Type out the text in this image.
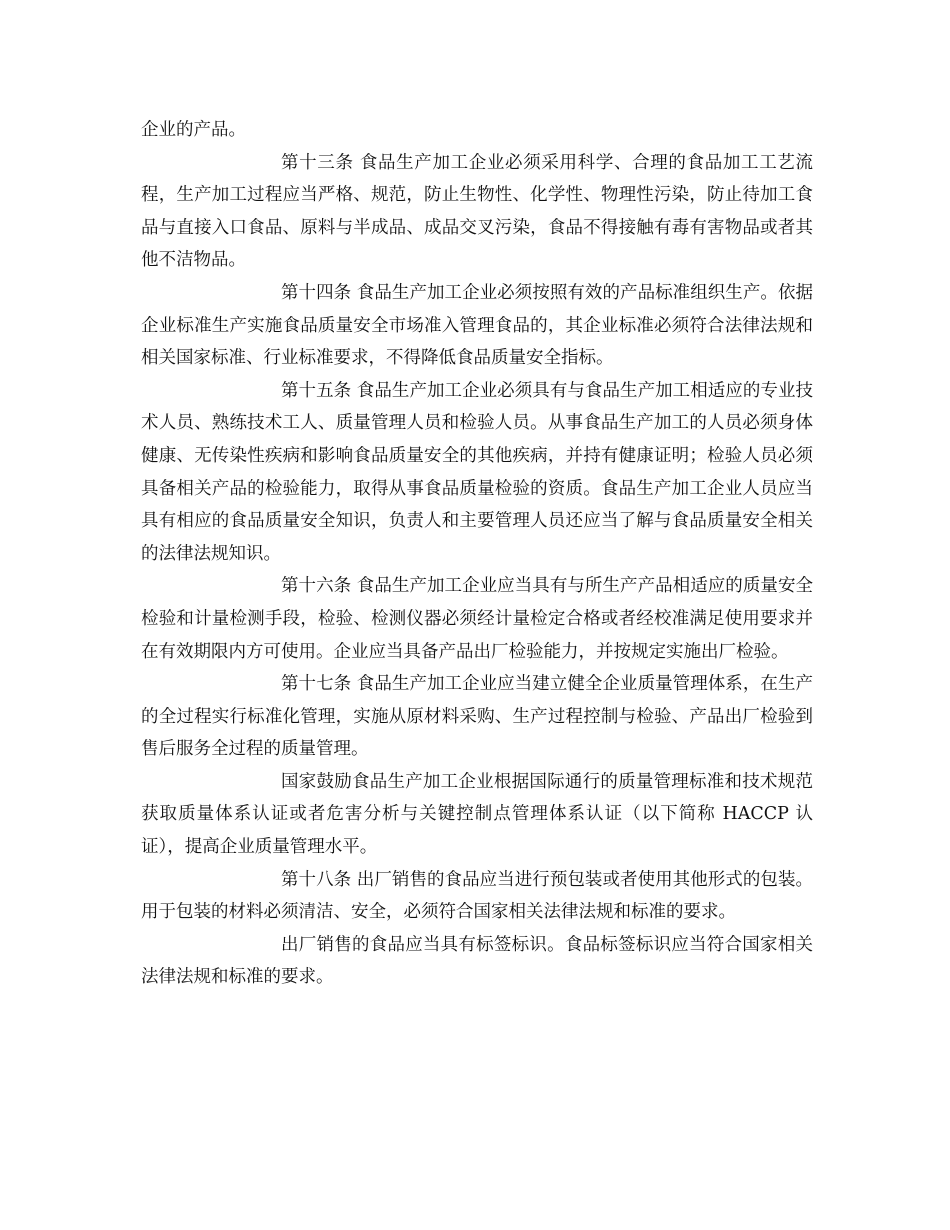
企业的产品。

第十三条 食品生产加工企业必须采用科学、合理的食品加工工艺流程，生产加工过程应当严格、规范，防止生物性、化学性、物理性污染，防止待加工食品与直接入口食品、原料与半成品、成品交叉污染，食品不得接触有毒有害物品或者其他不洁物品。

第十四条 食品生产加工企业必须按照有效的产品标准组织生产。依据企业标准生产实施食品质量安全市场准入管理食品的，其企业标准必须符合法律法规和相关国家标准、行业标准要求，不得降低食品质量安全指标。

第十五条 食品生产加工企业必须具有与食品生产加工相适应的专业技术人员、熟练技术工人、质量管理人员和检验人员。从事食品生产加工的人员必须身体健康、无传染性疾病和影响食品质量安全的其他疾病，并持有健康证明；检验人员必须具备相关产品的检验能力，取得从事食品质量检验的资质。食品生产加工企业人员应当具有相应的食品质量安全知识，负责人和主要管理人员还应当了解与食品质量安全相关的法律法规知识。

第十六条 食品生产加工企业应当具有与所生产产品相适应的质量安全检验和计量检测手段，检验、检测仪器必须经计量检定合格或者经校准满足使用要求并在有效期限内方可使用。企业应当具备产品出厂检验能力，并按规定实施出厂检验。

第十七条 食品生产加工企业应当建立健全企业质量管理体系，在生产的全过程实行标准化管理，实施从原材料采购、生产过程控制与检验、产品出厂检验到售后服务全过程的质量管理。

国家鼓励食品生产加工企业根据国际通行的质量管理标准和技术规范获取质量体系认证或者危害分析与关键控制点管理体系认证（以下简称 HACCP 认证），提高企业质量管理水平。

第十八条 出厂销售的食品应当进行预包装或者使用其他形式的包装。用于包装的材料必须清洁、安全，必须符合国家相关法律法规和标准的要求。

出厂销售的食品应当具有标签标识。食品标签标识应当符合国家相关法律法规和标准的要求。
